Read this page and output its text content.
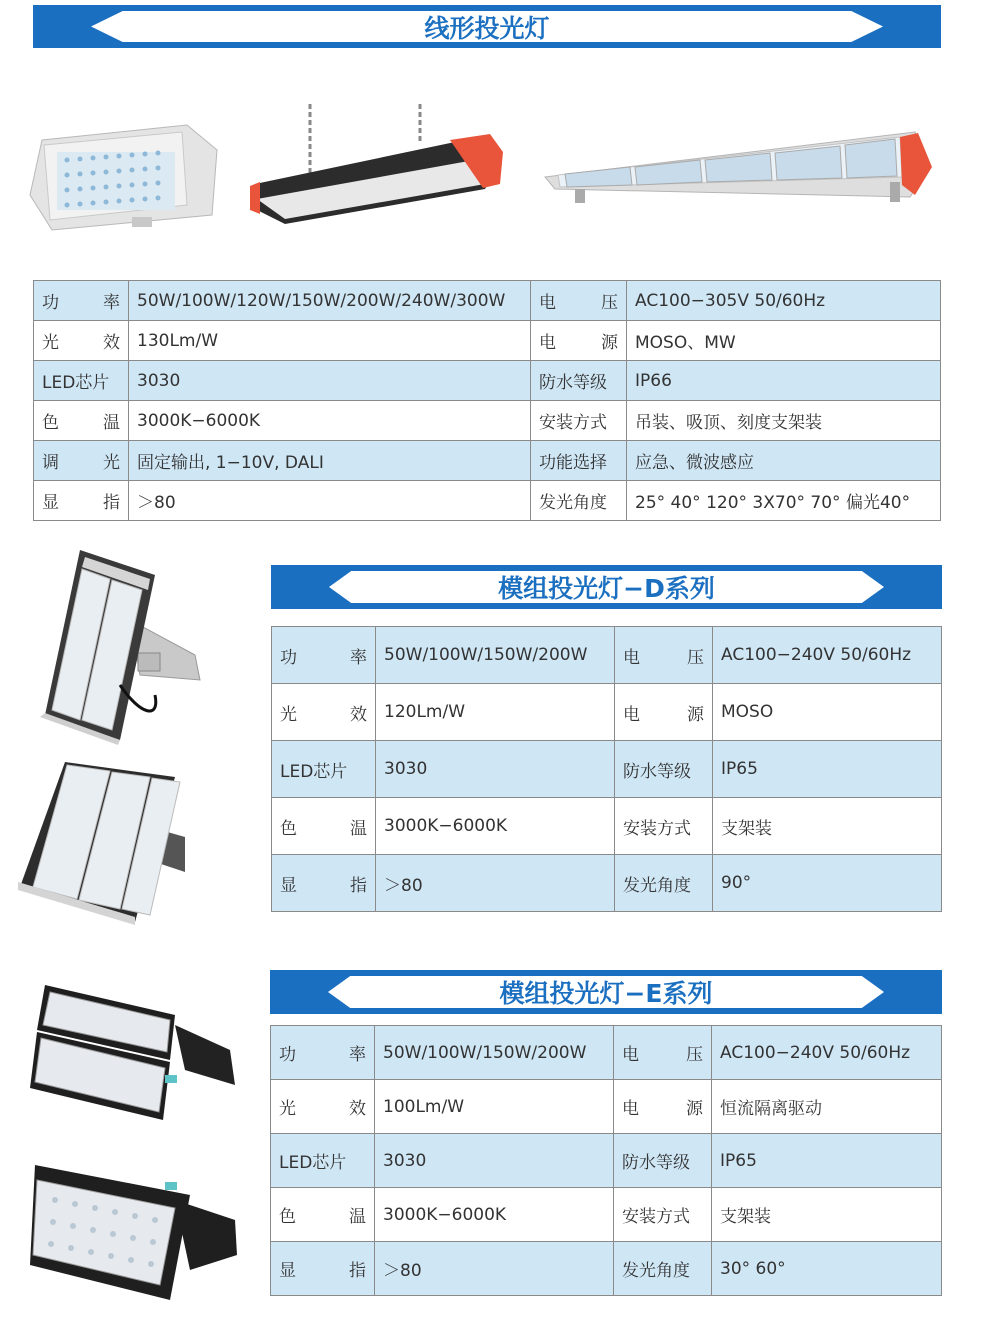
线形投光灯
功 率	50W/100W/120W/150W/200W/240W/300W	电 压	AC100−305V 50/60Hz

光 效	130Lm/W	电 源	MOSO、MW
LED芯片	3030	防水等级	IP66

色 温	3000K−6000K	安装方式	吊装、吸顶、刻度支架装

调 光	固定输出, 1−10V, DALI	功能选择	应急、微波感应

显 指	＞80	发光角度	25° 40° 120° 3X70° 70° 偏光40°
模组投光灯−D系列
功 率	50W/100W/150W/200W	电 压	AC100−240V 50/60Hz

光 效	120Lm/W	电 源	MOSO
LED芯片	3030	防水等级	IP65

色 温	3000K−6000K	安装方式	支架装

显 指	＞80	发光角度	90°
模组投光灯−E系列
功 率	50W/100W/150W/200W	电 压	AC100−240V 50/60Hz

光 效	100Lm/W	电 源	恒流隔离驱动
LED芯片	3030	防水等级	IP65

色 温	3000K−6000K	安装方式	支架装

显 指	＞80	发光角度	30° 60°
